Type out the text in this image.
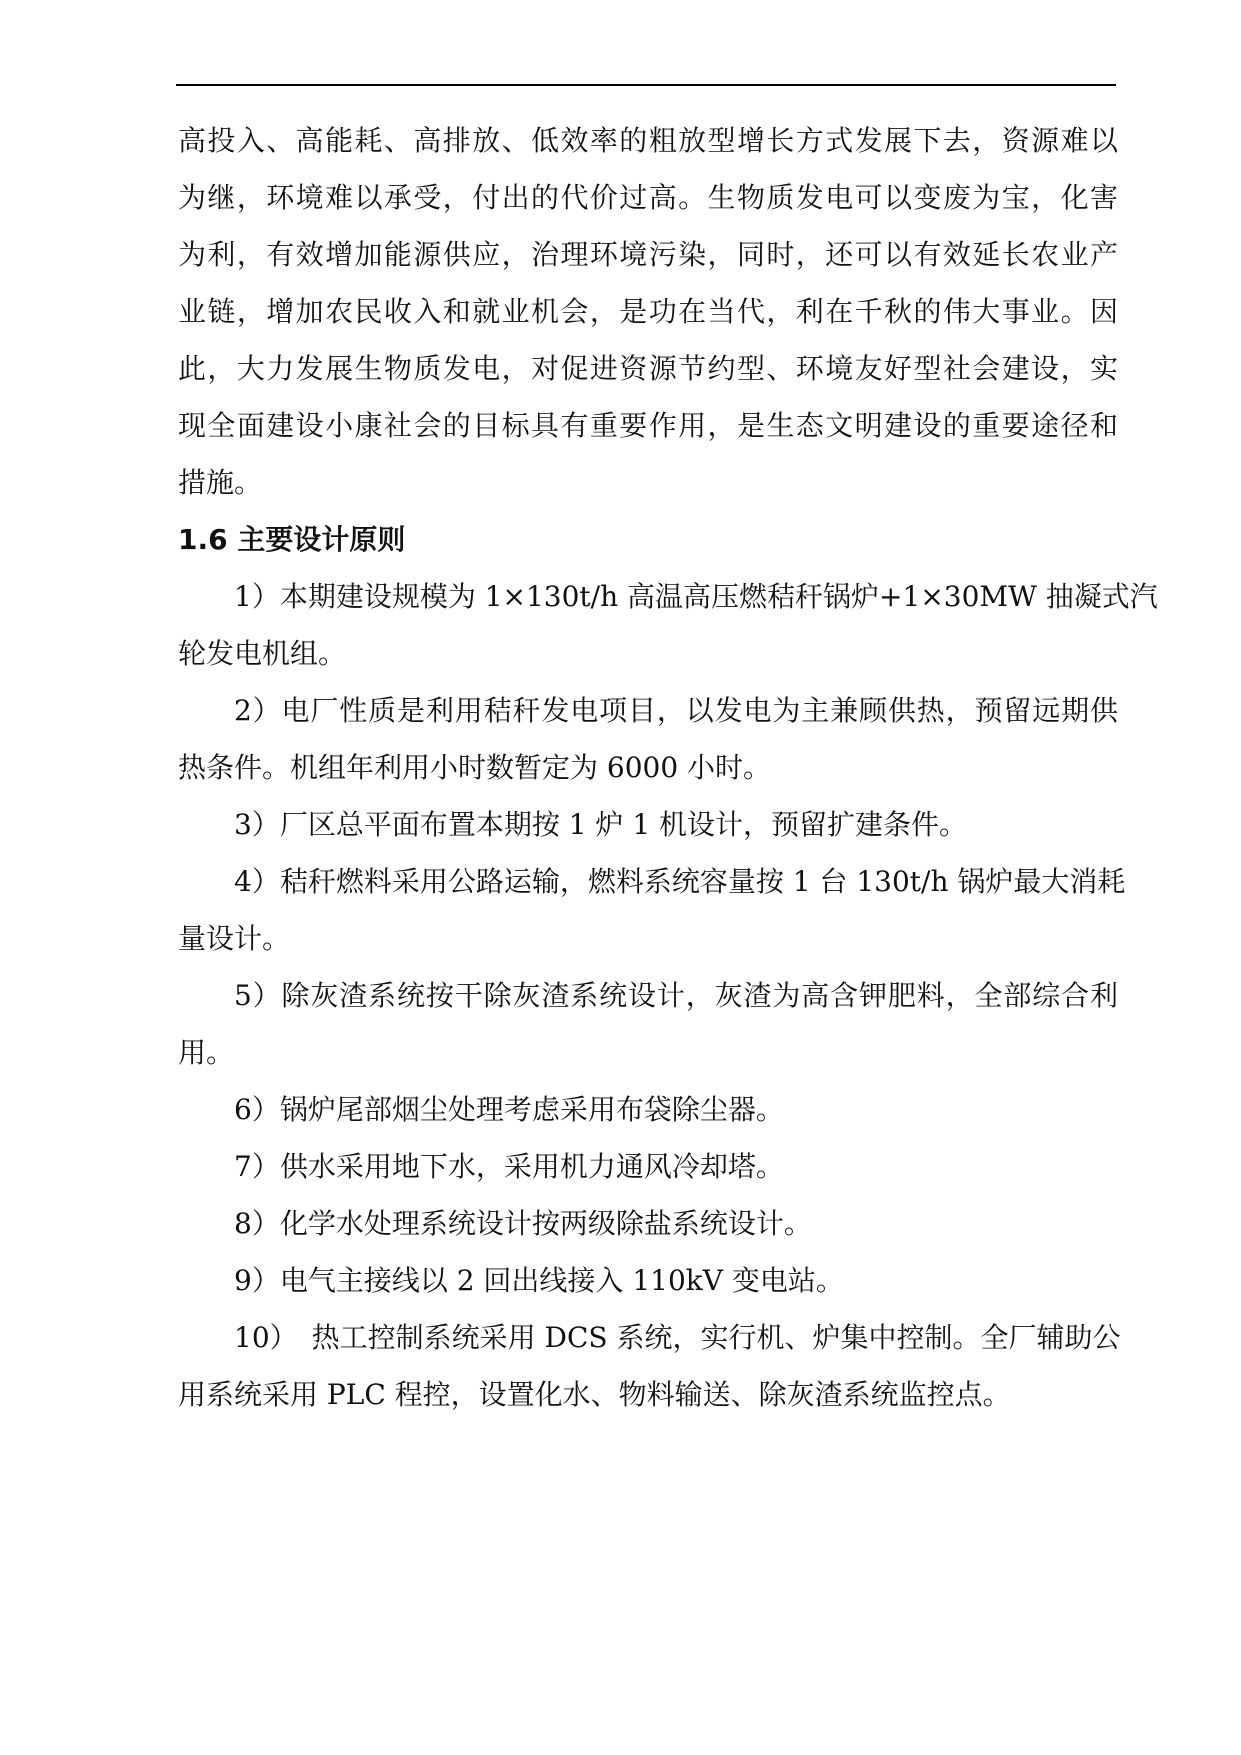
高投入、高能耗、高排放、低效率的粗放型增长方式发展下去，资源难以
为继，环境难以承受，付出的代价过高。生物质发电可以变废为宝，化害
为利，有效增加能源供应，治理环境污染，同时，还可以有效延长农业产
业链，增加农民收入和就业机会，是功在当代，利在千秋的伟大事业。因
此，大力发展生物质发电，对促进资源节约型、环境友好型社会建设，实
现全面建设小康社会的目标具有重要作用，是生态文明建设的重要途径和
措施。
1.6 主要设计原则
1）本期建设规模为 1×130t/h 高温高压燃秸秆锅炉+1×30MW 抽凝式汽
轮发电机组。
2）电厂性质是利用秸秆发电项目，以发电为主兼顾供热，预留远期供
热条件。机组年利用小时数暂定为 6000 小时。
3）厂区总平面布置本期按 1 炉 1 机设计，预留扩建条件。
4）秸秆燃料采用公路运输，燃料系统容量按 1 台 130t/h 锅炉最大消耗
量设计。
5）除灰渣系统按干除灰渣系统设计，灰渣为高含钾肥料，全部综合利
用。
6）锅炉尾部烟尘处理考虑采用布袋除尘器。
7）供水采用地下水，采用机力通风冷却塔。
8）化学水处理系统设计按两级除盐系统设计。
9）电气主接线以 2 回出线接入 110kV 变电站。
10）　热工控制系统采用 DCS 系统，实行机、炉集中控制。全厂辅助公
用系统采用 PLC 程控，设置化水、物料输送、除灰渣系统监控点。
